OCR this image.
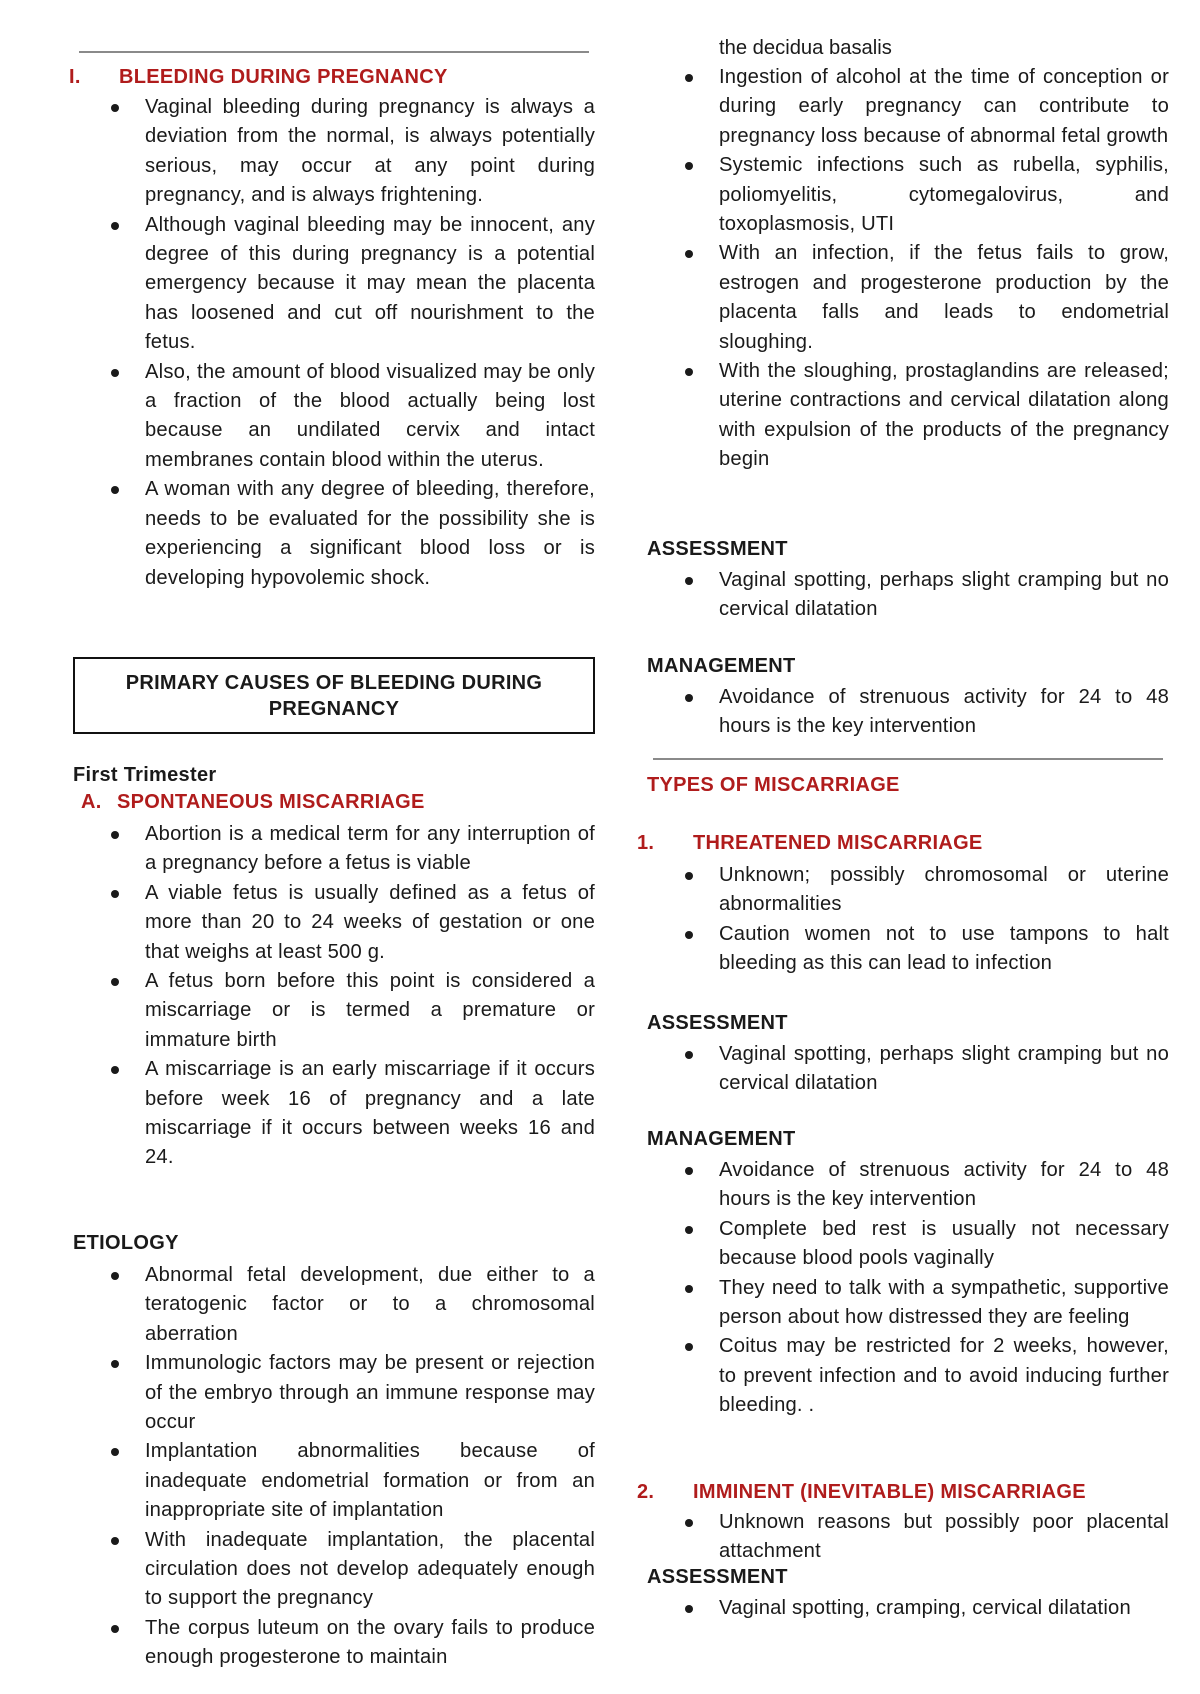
I. BLEEDING DURING PREGNANCY
Vaginal bleeding during pregnancy is always a deviation from the normal, is always potentially serious, may occur at any point during pregnancy, and is always frightening.
Although vaginal bleeding may be innocent, any degree of this during pregnancy is a potential emergency because it may mean the placenta has loosened and cut off nourishment to the fetus.
Also, the amount of blood visualized may be only a fraction of the blood actually being lost because an undilated cervix and intact membranes contain blood within the uterus.
A woman with any degree of bleeding, therefore, needs to be evaluated for the possibility she is experiencing a significant blood loss or is developing hypovolemic shock.
PRIMARY CAUSES OF BLEEDING DURING PREGNANCY
First Trimester
A. SPONTANEOUS MISCARRIAGE
Abortion is a medical term for any interruption of a pregnancy before a fetus is viable
A viable fetus is usually defined as a fetus of more than 20 to 24 weeks of gestation or one that weighs at least 500 g.
A fetus born before this point is considered a miscarriage or is termed a premature or immature birth
A miscarriage is an early miscarriage if it occurs before week 16 of pregnancy and a late miscarriage if it occurs between weeks 16 and 24.
ETIOLOGY
Abnormal fetal development, due either to a teratogenic factor or to a chromosomal aberration
Immunologic factors may be present or rejection of the embryo through an immune response may occur
Implantation abnormalities because of inadequate endometrial formation or from an inappropriate site of implantation
With inadequate implantation, the placental circulation does not develop adequately enough to support the pregnancy
The corpus luteum on the ovary fails to produce enough progesterone to maintain
the decidua basalis
Ingestion of alcohol at the time of conception or during early pregnancy can contribute to pregnancy loss because of abnormal fetal growth
Systemic infections such as rubella, syphilis, poliomyelitis, cytomegalovirus, and toxoplasmosis, UTI
With an infection, if the fetus fails to grow, estrogen and progesterone production by the placenta falls and leads to endometrial sloughing.
With the sloughing, prostaglandins are released; uterine contractions and cervical dilatation along with expulsion of the products of the pregnancy begin
ASSESSMENT
Vaginal spotting, perhaps slight cramping but no cervical dilatation
MANAGEMENT
Avoidance of strenuous activity for 24 to 48 hours is the key intervention
TYPES OF MISCARRIAGE
1. THREATENED MISCARRIAGE
Unknown; possibly chromosomal or uterine abnormalities
Caution women not to use tampons to halt bleeding as this can lead to infection
ASSESSMENT
Vaginal spotting, perhaps slight cramping but no cervical dilatation
MANAGEMENT
Avoidance of strenuous activity for 24 to 48 hours is the key intervention
Complete bed rest is usually not necessary because blood pools vaginally
They need to talk with a sympathetic, supportive person about how distressed they are feeling
Coitus may be restricted for 2 weeks, however, to prevent infection and to avoid inducing further bleeding. .
2. IMMINENT (INEVITABLE) MISCARRIAGE
Unknown reasons but possibly poor placental attachment
ASSESSMENT
Vaginal spotting, cramping, cervical dilatation
